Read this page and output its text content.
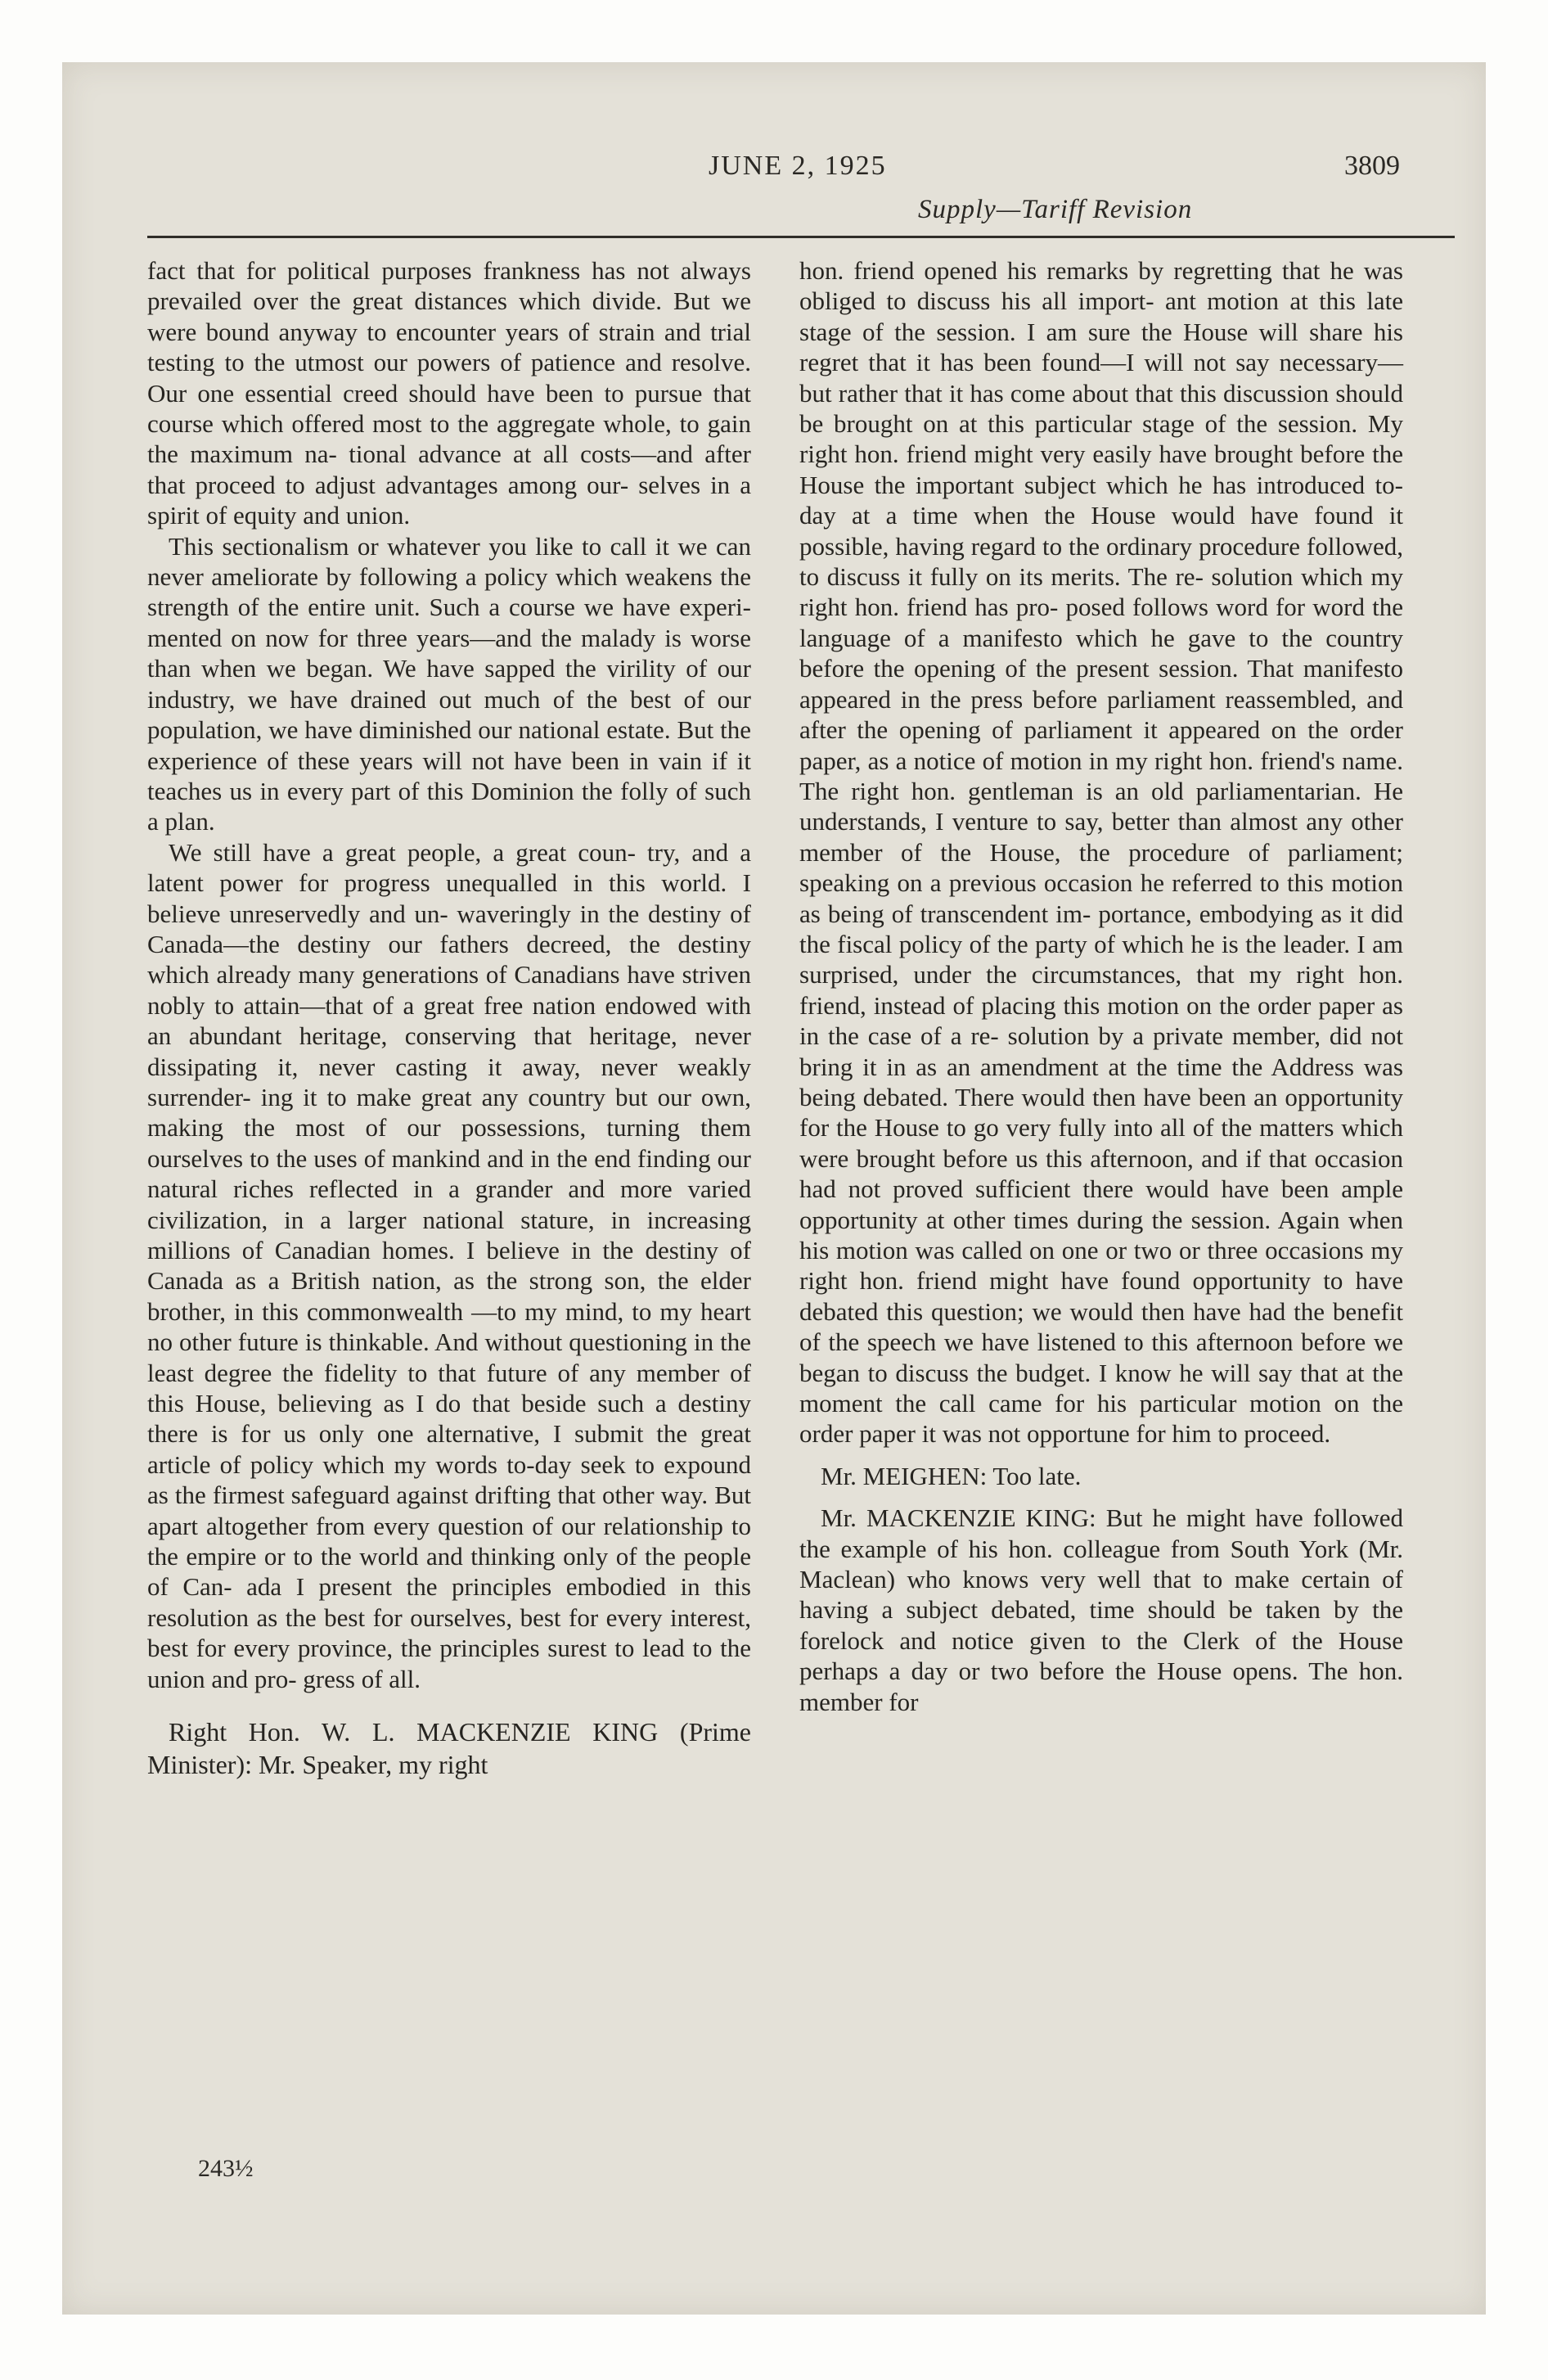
JUNE 2, 1925	3809
Supply—Tariff Revision

fact that for political purposes frankness has not always prevailed over the great distances which divide. But we were bound anyway to encounter years of strain and trial testing to the utmost our powers of patience and resolve. Our one essential creed should have been to pursue that course which offered most to the aggregate whole, to gain the maximum na- tional advance at all costs—and after that proceed to adjust advantages among our- selves in a spirit of equity and union.

This sectionalism or whatever you like to call it we can never ameliorate by following a policy which weakens the strength of the entire unit. Such a course we have experi- mented on now for three years—and the malady is worse than when we began. We have sapped the virility of our industry, we have drained out much of the best of our population, we have diminished our national estate. But the experience of these years will not have been in vain if it teaches us in every part of this Dominion the folly of such a plan.

We still have a great people, a great coun- try, and a latent power for progress unequalled in this world. I believe unreservedly and un- waveringly in the destiny of Canada—the destiny our fathers decreed, the destiny which already many generations of Canadians have striven nobly to attain—that of a great free nation endowed with an abundant heritage, conserving that heritage, never dissipating it, never casting it away, never weakly surrender- ing it to make great any country but our own, making the most of our possessions, turning them ourselves to the uses of mankind and in the end finding our natural riches reflected in a grander and more varied civilization, in a larger national stature, in increasing millions of Canadian homes. I believe in the destiny of Canada as a British nation, as the strong son, the elder brother, in this commonwealth —to my mind, to my heart no other future is thinkable. And without questioning in the least degree the fidelity to that future of any member of this House, believing as I do that beside such a destiny there is for us only one alternative, I submit the great article of policy which my words to-day seek to expound as the firmest safeguard against drifting that other way. But apart altogether from every question of our relationship to the empire or to the world and thinking only of the people of Can- ada I present the principles embodied in this resolution as the best for ourselves, best for every interest, best for every province, the principles surest to lead to the union and pro- gress of all.

Right Hon. W. L. MACKENZIE KING (Prime Minister): Mr. Speaker, my right

hon. friend opened his remarks by regretting that he was obliged to discuss his all import- ant motion at this late stage of the session. I am sure the House will share his regret that it has been found—I will not say necessary— but rather that it has come about that this discussion should be brought on at this particular stage of the session. My right hon. friend might very easily have brought before the House the important subject which he has introduced to-day at a time when the House would have found it possible, having regard to the ordinary procedure followed, to discuss it fully on its merits. The re- solution which my right hon. friend has pro- posed follows word for word the language of a manifesto which he gave to the country before the opening of the present session. That manifesto appeared in the press before parliament reassembled, and after the opening of parliament it appeared on the order paper, as a notice of motion in my right hon. friend's name. The right hon. gentleman is an old parliamentarian. He understands, I venture to say, better than almost any other member of the House, the procedure of parliament; speaking on a previous occasion he referred to this motion as being of transcendent im- portance, embodying as it did the fiscal policy of the party of which he is the leader. I am surprised, under the circumstances, that my right hon. friend, instead of placing this motion on the order paper as in the case of a re- solution by a private member, did not bring it in as an amendment at the time the Address was being debated. There would then have been an opportunity for the House to go very fully into all of the matters which were brought before us this afternoon, and if that occasion had not proved sufficient there would have been ample opportunity at other times during the session. Again when his motion was called on one or two or three occasions my right hon. friend might have found opportunity to have debated this question; we would then have had the benefit of the speech we have listened to this afternoon before we began to discuss the budget. I know he will say that at the moment the call came for his particular motion on the order paper it was not opportune for him to proceed.

Mr. MEIGHEN: Too late.

Mr. MACKENZIE KING: But he might have followed the example of his hon. colleague from South York (Mr. Maclean) who knows very well that to make certain of having a subject debated, time should be taken by the forelock and notice given to the Clerk of the House perhaps a day or two before the House opens. The hon. member for

243½
